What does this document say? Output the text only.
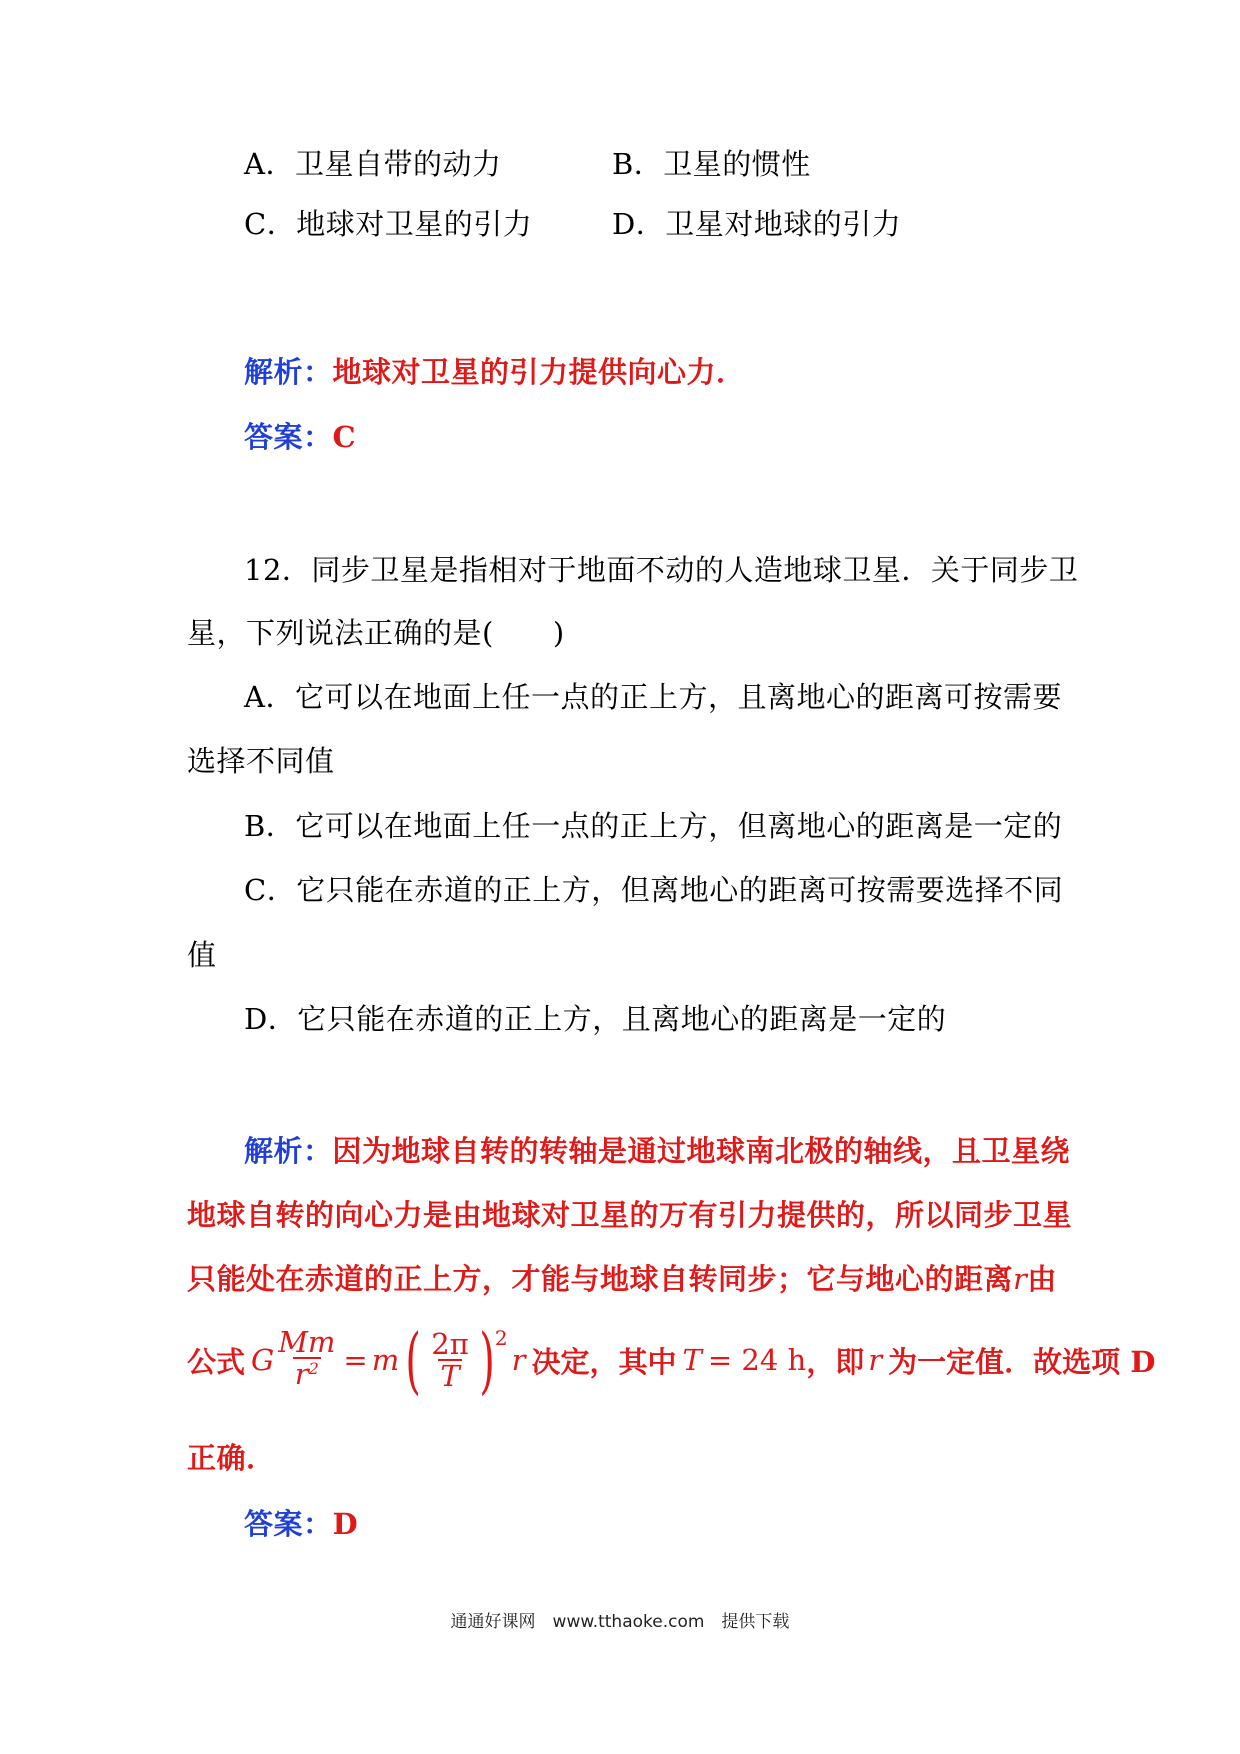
A．卫星自带的动力	B．卫星的惯性
C．地球对卫星的引力	D．卫星对地球的引力
解析：地球对卫星的引力提供向心力．
答案：C
12．同步卫星是指相对于地面不动的人造地球卫星．关于同步卫
星，下列说法正确的是(　　)
A．它可以在地面上任一点的正上方，且离地心的距离可按需要
选择不同值
B．它可以在地面上任一点的正上方，但离地心的距离是一定的
C．它只能在赤道的正上方，但离地心的距离可按需要选择不同
值
D．它只能在赤道的正上方，且离地心的距离是一定的
解析：因为地球自转的转轴是通过地球南北极的轴线，且卫星绕
地球自转的向心力是由地球对卫星的万有引力提供的，所以同步卫星
只能处在赤道的正上方，才能与地球自转同步；它与地心的距离r由
公式 G $\frac{Mm}{r^2} = m$ ( $\frac{2\pi}{T}$ ) 2
r 决定，其中 T = 24 h ，即 r 为一定值．故选项 D
正确．
答案：D
通通好课网　www.tthaoke.com　提供下载
